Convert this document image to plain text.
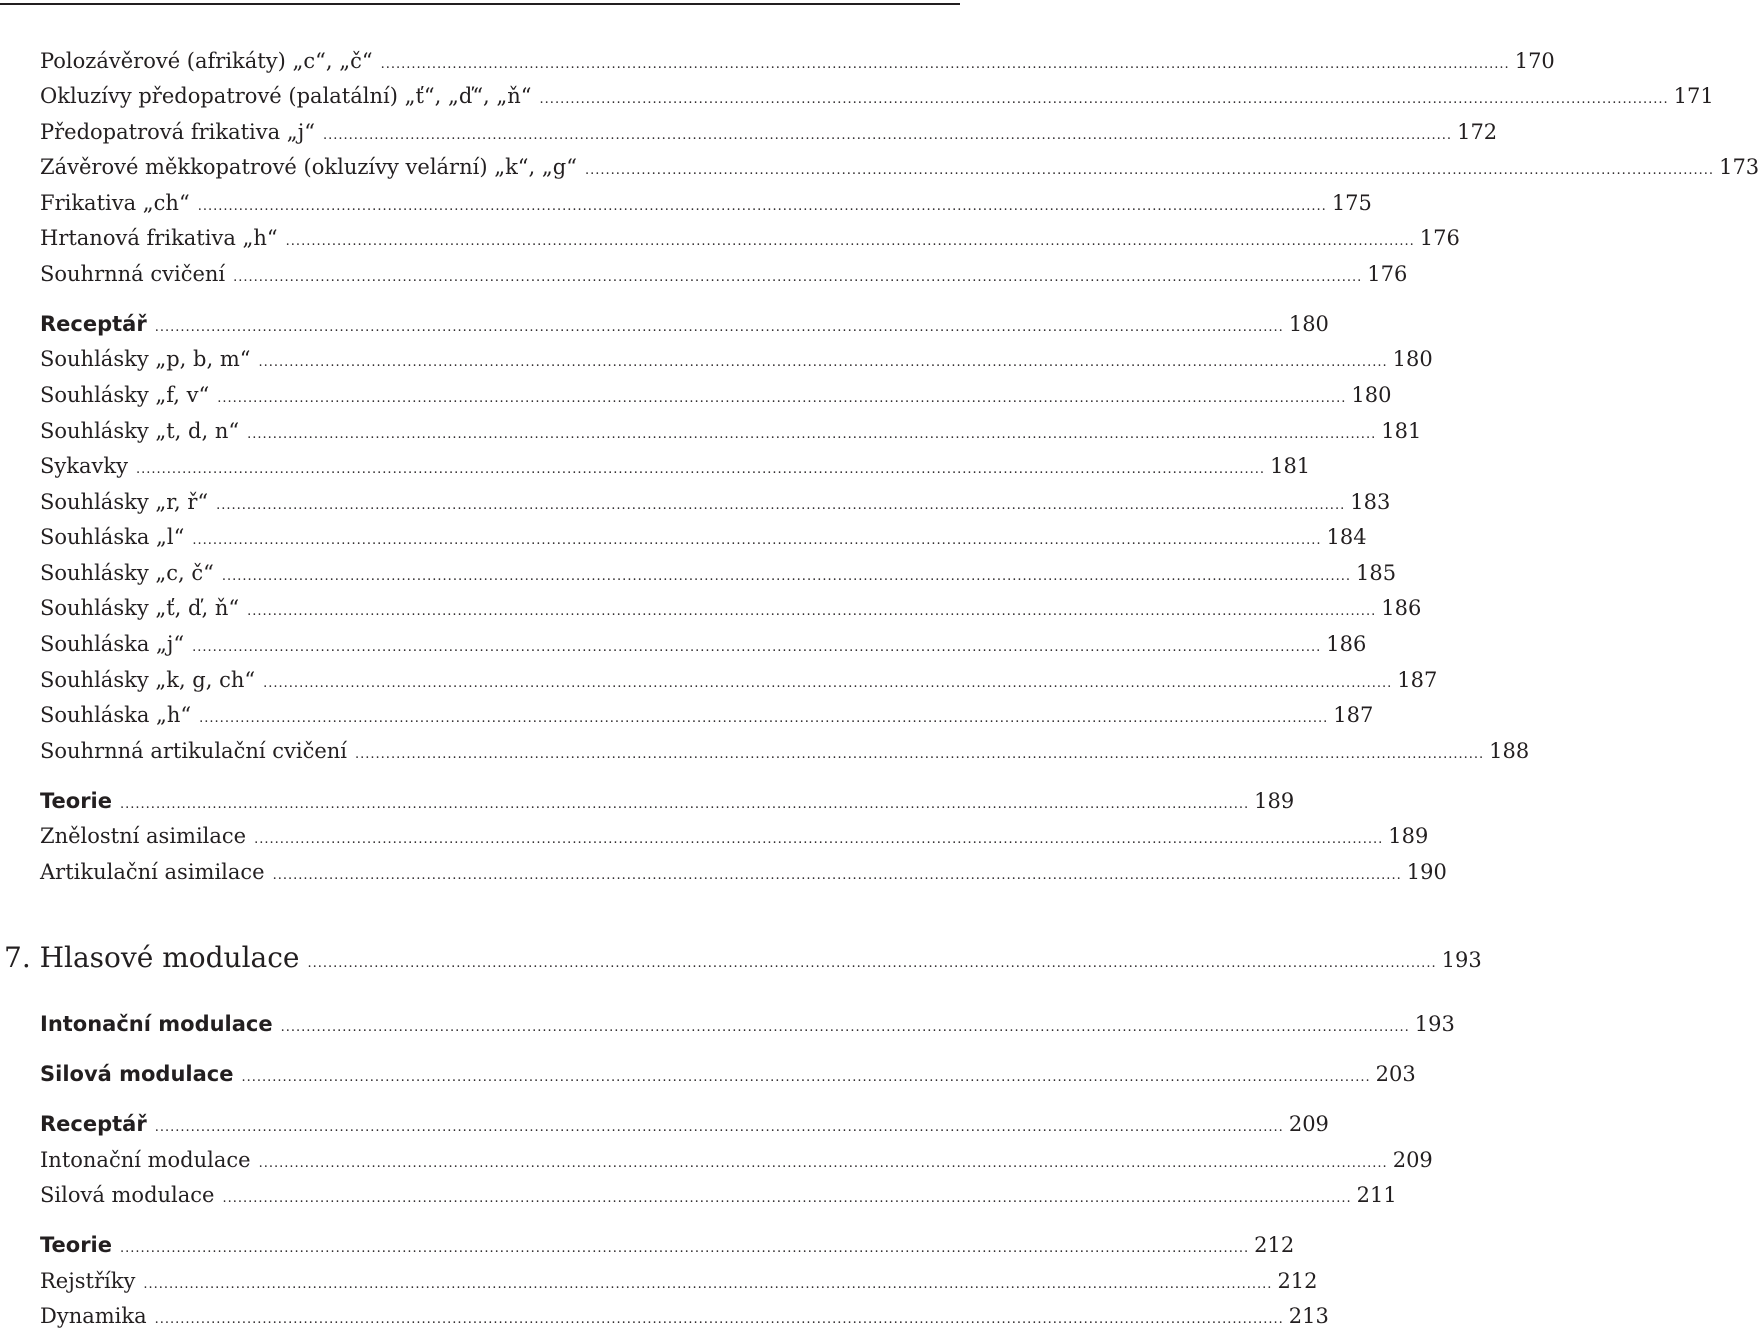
Polozávěrové (afrikáty) „c“, „č“ ............................................................................................................................................................................................................................ 170
Okluzívy předopatrové (palatální) „ť“, „ď“, „ň“ ............................................................................................................................................................................................................................ 171
Předopatrová frikativa „j“ ............................................................................................................................................................................................................................ 172
Závěrové měkkopatrové (okluzívy velární) „k“, „g“ ............................................................................................................................................................................................................................ 173
Frikativa „ch“ ............................................................................................................................................................................................................................ 175
Hrtanová frikativa „h“ ............................................................................................................................................................................................................................ 176
Souhrnná cvičení ............................................................................................................................................................................................................................ 176
Receptář ............................................................................................................................................................................................................................ 180
Souhlásky „p, b, m“ ............................................................................................................................................................................................................................ 180
Souhlásky „f, v“ ............................................................................................................................................................................................................................ 180
Souhlásky „t, d, n“ ............................................................................................................................................................................................................................ 181
Sykavky ............................................................................................................................................................................................................................ 181
Souhlásky „r, ř“ ............................................................................................................................................................................................................................ 183
Souhláska „l“ ............................................................................................................................................................................................................................ 184
Souhlásky „c, č“ ............................................................................................................................................................................................................................ 185
Souhlásky „ť, ď, ň“ ............................................................................................................................................................................................................................ 186
Souhláska „j“ ............................................................................................................................................................................................................................ 186
Souhlásky „k, g, ch“ ............................................................................................................................................................................................................................ 187
Souhláska „h“ ............................................................................................................................................................................................................................ 187
Souhrnná artikulační cvičení ............................................................................................................................................................................................................................ 188
Teorie ............................................................................................................................................................................................................................ 189
Znělostní asimilace ............................................................................................................................................................................................................................ 189
Artikulační asimilace ............................................................................................................................................................................................................................ 190
7. Hlasové modulace ............................................................................................................................................................................................................................ 193
Intonační modulace ............................................................................................................................................................................................................................ 193
Silová modulace ............................................................................................................................................................................................................................ 203
Receptář ............................................................................................................................................................................................................................ 209
Intonační modulace ............................................................................................................................................................................................................................ 209
Silová modulace ............................................................................................................................................................................................................................ 211
Teorie ............................................................................................................................................................................................................................ 212
Rejstříky ............................................................................................................................................................................................................................ 212
Dynamika ............................................................................................................................................................................................................................ 213
